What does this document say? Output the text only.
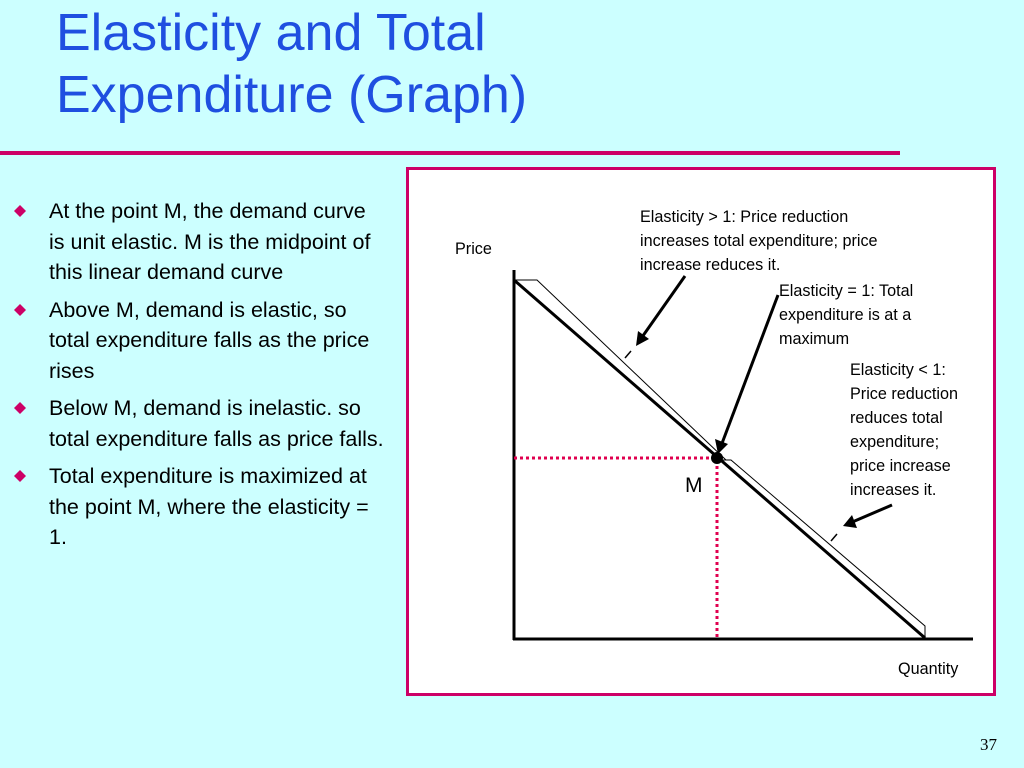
Elasticity and Total
Expenditure (Graph)
At the point M, the demand curve is unit elastic. M is the midpoint of this linear demand curve
Above M, demand is elastic, so total expenditure falls as the price rises
Below M, demand is inelastic. so total expenditure falls as price falls.
Total expenditure is maximized at the point M, where the elasticity = 1.
Price
Quantity
M
Elasticity > 1: Price reduction
increases total expenditure; price
increase reduces it.
Elasticity = 1: Total
expenditure is at a
maximum
Elasticity < 1:
Price reduction
reduces total
expenditure;
price increase
increases it.
37
